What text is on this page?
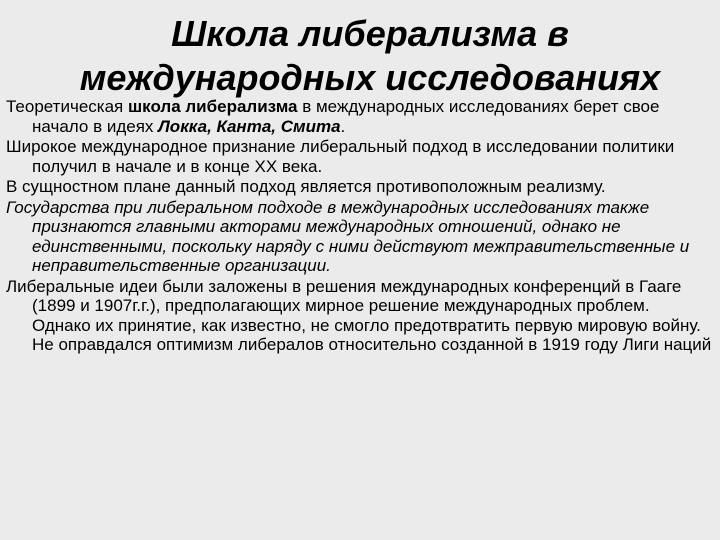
Школа либерализма в
международных исследованиях

Теоретическая школа либерализма в международных исследованиях берет свое начало в идеях Локка, Канта, Смита.

Широкое международное признание либеральный подход в исследовании политики получил в начале и в конце XX века.

В сущностном плане данный подход является противоположным реализму.

Государства при либеральном подходе в международных исследованиях также признаются главными акторами международных отношений, однако не единственными, поскольку наряду с ними действуют межправительственные и неправительственные организации.

Либеральные идеи были заложены в решения международных конференций в Гааге (1899 и 1907г.г.), предполагающих мирное решение международных проблем. Однако их принятие, как известно, не смогло предотвратить первую мировую войну. Не оправдался оптимизм либералов относительно созданной в 1919 году Лиги наций
